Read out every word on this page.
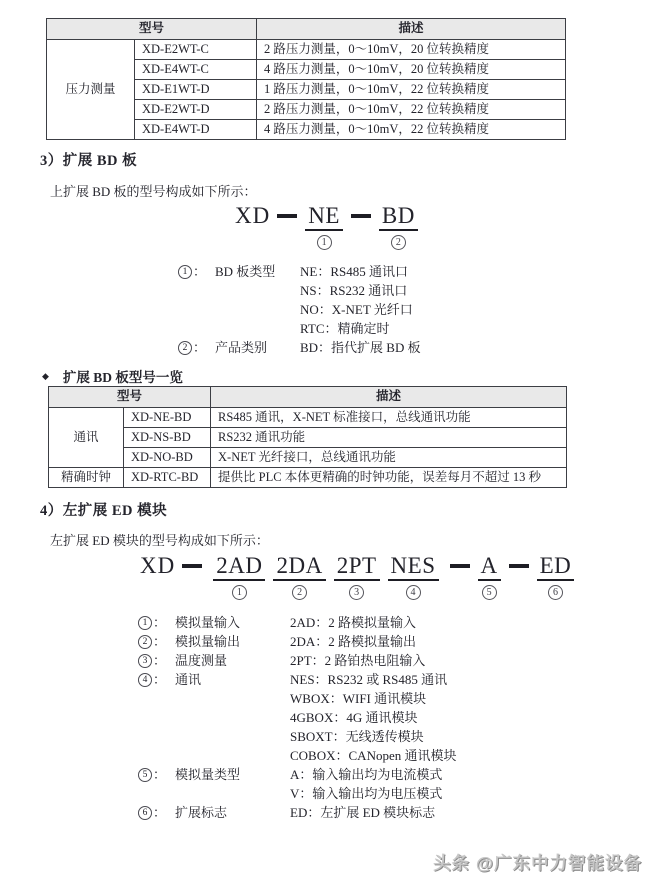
型号		描述
压力测量	XD-E2WT-C	2 路压力测量，0～10mV，20 位转换精度
	XD-E4WT-C	4 路压力测量，0～10mV，20 位转换精度
	XD-E1WT-D	1 路压力测量，0～10mV，22 位转换精度
	XD-E2WT-D	2 路压力测量，0～10mV，22 位转换精度
	XD-E4WT-D	4 路压力测量，0～10mV，22 位转换精度
3）扩展 BD 板
上扩展 BD 板的型号构成如下所示：
XD NE
1
BD
2
1 ： BD 板类型	NE：RS485 通讯口
NS：RS232 通讯口
NO：X-NET 光纤口
RTC：精确定时
2 ： 产品类别	BD：指代扩展 BD 板
◆ 扩展 BD 板型号一览
型号		描述
通讯	XD-NE-BD	RS485 通讯，X-NET 标准接口，总线通讯功能
	XD-NS-BD	RS232 通讯功能
	XD-NO-BD	X-NET 光纤接口，总线通讯功能
精确时钟	XD-RTC-BD	提供比 PLC 本体更精确的时钟功能，误差每月不超过 13 秒
4）左扩展 ED 模块
左扩展 ED 模块的型号构成如下所示：
XD 2AD
1
2DA
2
2PT
3
NES
4
A
5
ED
6
1 ： 模拟量输入	2AD：2 路模拟量输入
2 ： 模拟量输出	2DA：2 路模拟量输出
3 ： 温度测量	2PT：2 路铂热电阻输入
4 ： 通讯	NES：RS232 或 RS485 通讯
WBOX：WIFI 通讯模块
4GBOX：4G 通讯模块
SBOXT：无线透传模块
COBOX：CANopen 通讯模块
5 ： 模拟量类型	A：输入输出均为电流模式
V：输入输出均为电压模式
6 ： 扩展标志	ED：左扩展 ED 模块标志
头条 @广东中力智能设备
